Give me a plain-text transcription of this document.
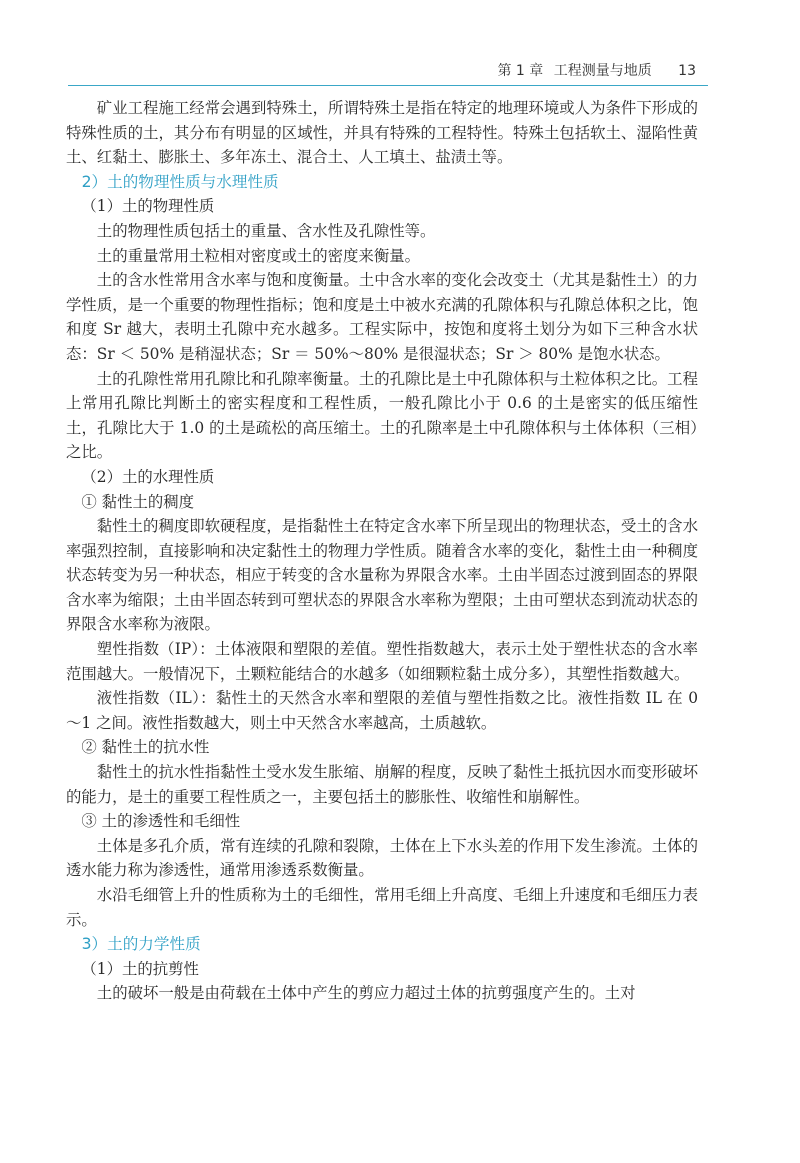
第 1 章 工程测量与地质 13

矿业工程施工经常会遇到特殊土，所谓特殊土是指在特定的地理环境或人为条件下形成的特殊性质的土，其分布有明显的区域性，并具有特殊的工程特性。特殊土包括软土、湿陷性黄土、红黏土、膨胀土、多年冻土、混合土、人工填土、盐渍土等。

2）土的物理性质与水理性质

（1）土的物理性质

土的物理性质包括土的重量、含水性及孔隙性等。

土的重量常用土粒相对密度或土的密度来衡量。

土的含水性常用含水率与饱和度衡量。土中含水率的变化会改变土（尤其是黏性土）的力学性质，是一个重要的物理性指标；饱和度是土中被水充满的孔隙体积与孔隙总体积之比，饱和度 Sr 越大，表明土孔隙中充水越多。工程实际中，按饱和度将土划分为如下三种含水状态：Sr ＜ 50% 是稍湿状态；Sr ＝ 50%～80% 是很湿状态；Sr ＞ 80% 是饱水状态。

土的孔隙性常用孔隙比和孔隙率衡量。土的孔隙比是土中孔隙体积与土粒体积之比。工程上常用孔隙比判断土的密实程度和工程性质，一般孔隙比小于 0.6 的土是密实的低压缩性土，孔隙比大于 1.0 的土是疏松的高压缩土。土的孔隙率是土中孔隙体积与土体体积（三相）之比。

（2）土的水理性质

① 黏性土的稠度

黏性土的稠度即软硬程度，是指黏性土在特定含水率下所呈现出的物理状态，受土的含水率强烈控制，直接影响和决定黏性土的物理力学性质。随着含水率的变化，黏性土由一种稠度状态转变为另一种状态，相应于转变的含水量称为界限含水率。土由半固态过渡到固态的界限含水率为缩限；土由半固态转到可塑状态的界限含水率称为塑限；土由可塑状态到流动状态的界限含水率称为液限。

塑性指数（IP）：土体液限和塑限的差值。塑性指数越大，表示土处于塑性状态的含水率范围越大。一般情况下，土颗粒能结合的水越多（如细颗粒黏土成分多），其塑性指数越大。

液性指数（IL）：黏性土的天然含水率和塑限的差值与塑性指数之比。液性指数 IL 在 0～1 之间。液性指数越大，则土中天然含水率越高，土质越软。

② 黏性土的抗水性

黏性土的抗水性指黏性土受水发生胀缩、崩解的程度，反映了黏性土抵抗因水而变形破坏的能力，是土的重要工程性质之一，主要包括土的膨胀性、收缩性和崩解性。

③ 土的渗透性和毛细性

土体是多孔介质，常有连续的孔隙和裂隙，土体在上下水头差的作用下发生渗流。土体的透水能力称为渗透性，通常用渗透系数衡量。

水沿毛细管上升的性质称为土的毛细性，常用毛细上升高度、毛细上升速度和毛细压力表示。

3）土的力学性质

（1）土的抗剪性

土的破坏一般是由荷载在土体中产生的剪应力超过土体的抗剪强度产生的。土对
